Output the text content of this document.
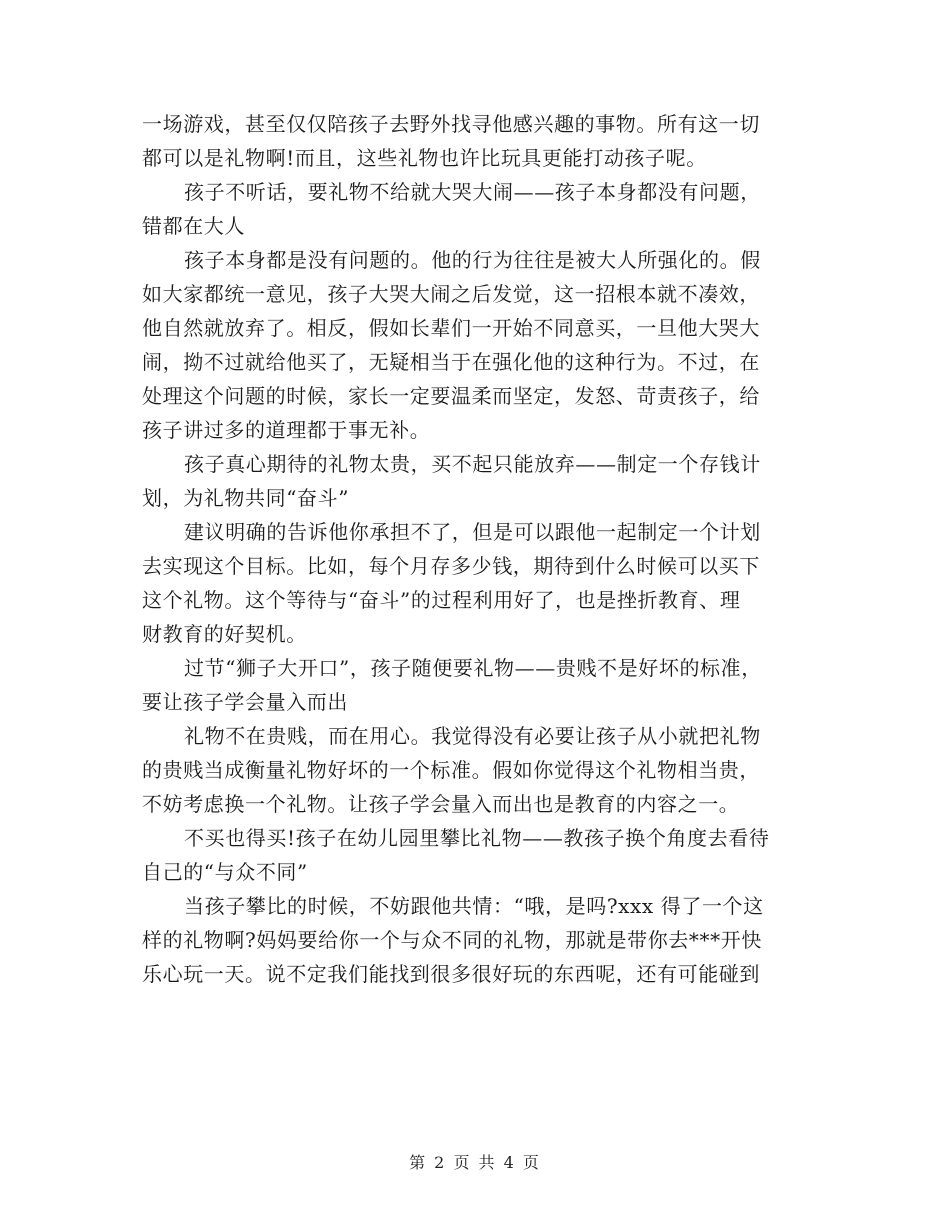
一场游戏，甚至仅仅陪孩子去野外找寻他感兴趣的事物。所有这一切
都可以是礼物啊!而且，这些礼物也许比玩具更能打动孩子呢。
孩子不听话，要礼物不给就大哭大闹——孩子本身都没有问题，
错都在大人
孩子本身都是没有问题的。他的行为往往是被大人所强化的。假
如大家都统一意见，孩子大哭大闹之后发觉，这一招根本就不凑效，
他自然就放弃了。相反，假如长辈们一开始不同意买，一旦他大哭大
闹，拗不过就给他买了，无疑相当于在强化他的这种行为。不过，在
处理这个问题的时候，家长一定要温柔而坚定，发怒、苛责孩子，给
孩子讲过多的道理都于事无补。
孩子真心期待的礼物太贵，买不起只能放弃——制定一个存钱计
划，为礼物共同“奋斗”
建议明确的告诉他你承担不了，但是可以跟他一起制定一个计划
去实现这个目标。比如，每个月存多少钱，期待到什么时候可以买下
这个礼物。这个等待与“奋斗”的过程利用好了，也是挫折教育、理
财教育的好契机。
过节“狮子大开口”，孩子随便要礼物——贵贱不是好坏的标准，
要让孩子学会量入而出
礼物不在贵贱，而在用心。我觉得没有必要让孩子从小就把礼物
的贵贱当成衡量礼物好坏的一个标准。假如你觉得这个礼物相当贵，
不妨考虑换一个礼物。让孩子学会量入而出也是教育的内容之一。
不买也得买!孩子在幼儿园里攀比礼物——教孩子换个角度去看待
自己的“与众不同”
当孩子攀比的时候，不妨跟他共情：“哦，是吗?xxx 得了一个这
样的礼物啊?妈妈要给你一个与众不同的礼物，那就是带你去***开快
乐心玩一天。说不定我们能找到很多很好玩的东西呢，还有可能碰到
第 2 页 共 4 页
